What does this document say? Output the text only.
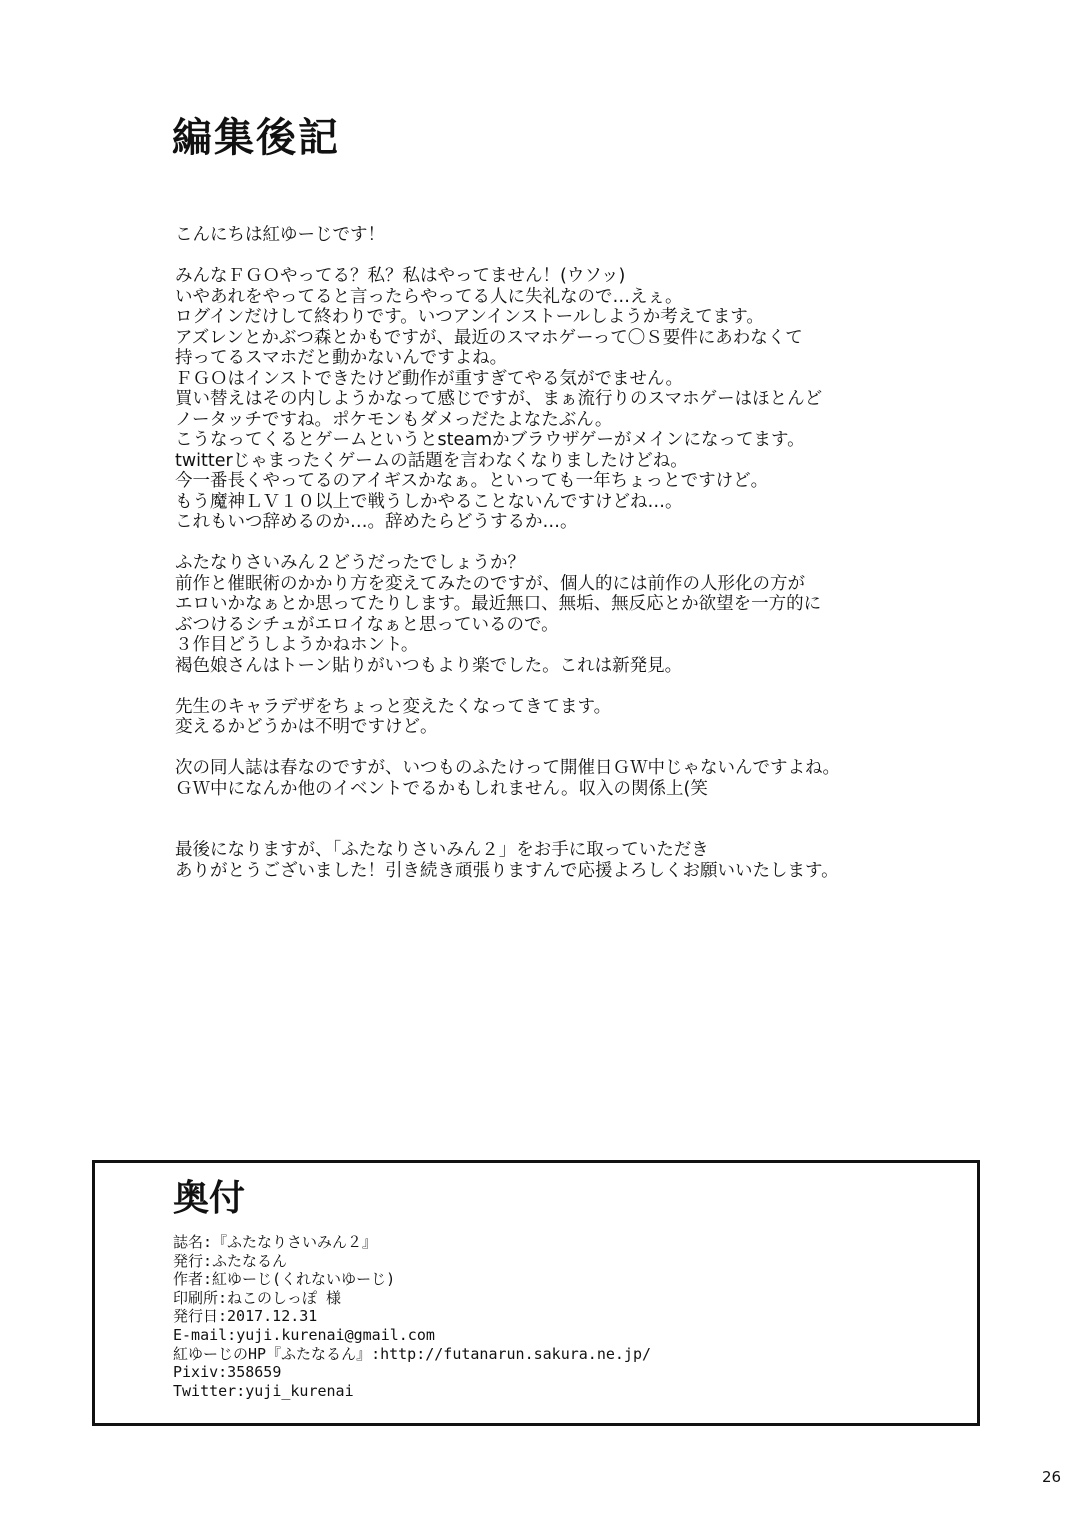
編集後記
こんにちは紅ゆーじです！
みんなＦＧＯやってる？私？私はやってません！(ウソッ)
いやあれをやってると言ったらやってる人に失礼なので…えぇ。
ログインだけして終わりです。いつアンインストールしようか考えてます。
アズレンとかぶつ森とかもですが、最近のスマホゲーって〇Ｓ要件にあわなくて
持ってるスマホだと動かないんですよね。
ＦＧＯはインストできたけど動作が重すぎてやる気がでません。
買い替えはその内しようかなって感じですが、まぁ流行りのスマホゲーはほとんど
ノータッチですね。ポケモンもダメっだたよなたぶん。
こうなってくるとゲームというとsteamかブラウザゲーがメインになってます。
twitterじゃまったくゲームの話題を言わなくなりましたけどね。
今一番長くやってるのアイギスかなぁ。といっても一年ちょっとですけど。
もう魔神ＬＶ１０以上で戦うしかやることないんですけどね…。
これもいつ辞めるのか…。辞めたらどうするか…。
ふたなりさいみん２どうだったでしょうか？
前作と催眠術のかかり方を変えてみたのですが、個人的には前作の人形化の方が
エロいかなぁとか思ってたりします。最近無口、無垢、無反応とか欲望を一方的に
ぶつけるシチュがエロイなぁと思っているので。
３作目どうしようかねホント。
褐色娘さんはトーン貼りがいつもより楽でした。これは新発見。
先生のキャラデザをちょっと変えたくなってきてます。
変えるかどうかは不明ですけど。
次の同人誌は春なのですが、いつものふたけって開催日ＧＷ中じゃないんですよね。
ＧＷ中になんか他のイベントでるかもしれません。収入の関係上(笑
最後になりますが、「ふたなりさいみん２」をお手に取っていただき
ありがとうございました！引き続き頑張りますんで応援よろしくお願いいたします。
奥付
誌名:『ふたなりさいみん２』
発行:ふたなるん
作者:紅ゆーじ(くれないゆーじ)
印刷所:ねこのしっぽ 様
発行日:2017.12.31
E-mail:yuji.kurenai@gmail.com
紅ゆーじのHP『ふたなるん』:http://futanarun.sakura.ne.jp/
Pixiv:358659
Twitter:yuji_kurenai
26
